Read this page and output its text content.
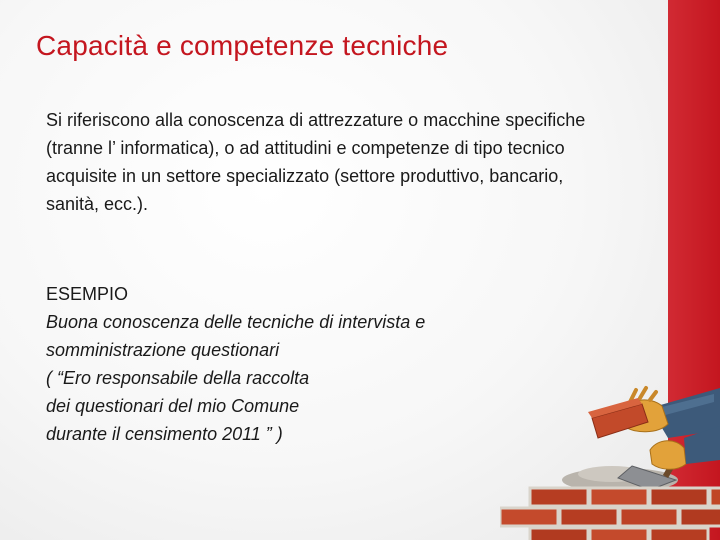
Capacità e competenze tecniche
Si riferiscono alla conoscenza di attrezzature o macchine specifiche (tranne l’ informatica), o ad attitudini e competenze di tipo tecnico acquisite in un settore specializzato (settore produttivo, bancario, sanità, ecc.).
ESEMPIO
Buona conoscenza delle tecniche di intervista e
somministrazione questionari
( “Ero responsabile della raccolta
dei questionari del mio Comune
durante il censimento 2011 ” )
